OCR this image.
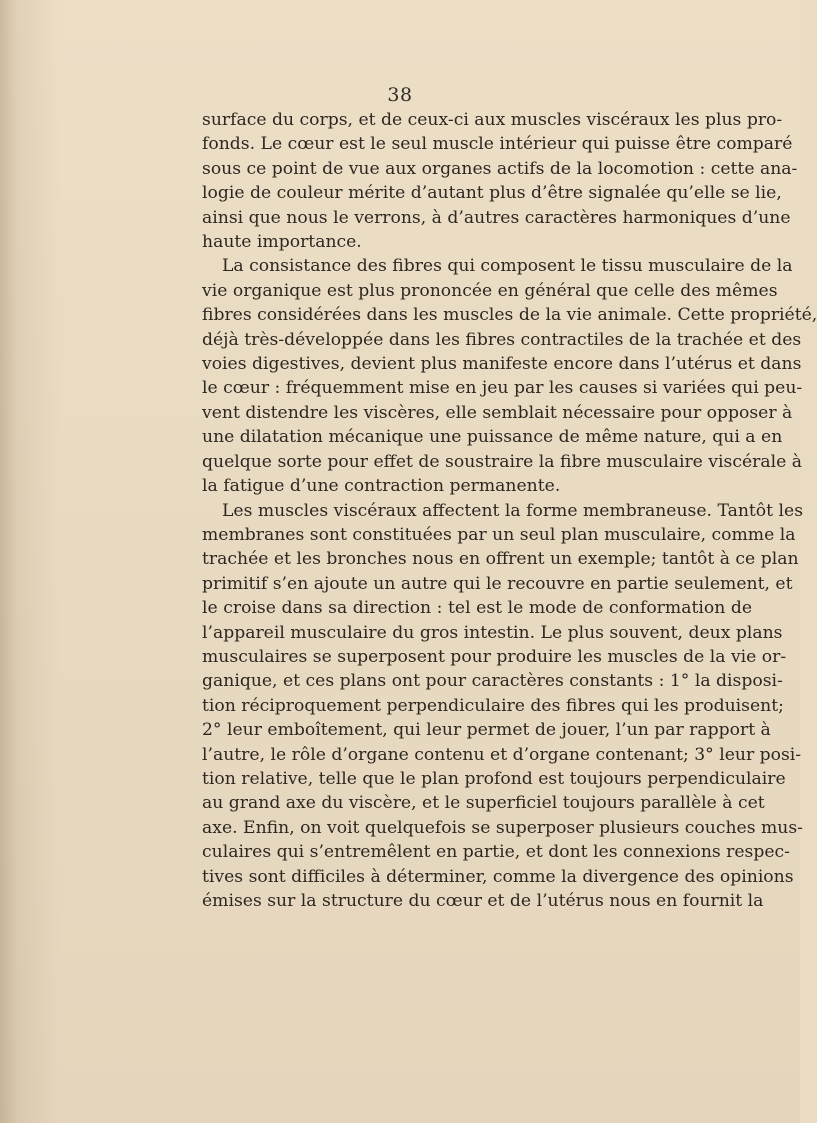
38
surface du corps, et de ceux-ci aux muscles viscéraux les plus pro-
fonds. Le cœur est le seul muscle intérieur qui puisse être comparé
sous ce point de vue aux organes actifs de la locomotion : cette ana-
logie de couleur mérite d’autant plus d’être signalée qu’elle se lie,
ainsi que nous le verrons, à d’autres caractères harmoniques d’une
haute importance.
La consistance des fibres qui composent le tissu musculaire de la
vie organique est plus prononcée en général que celle des mêmes
fibres considérées dans les muscles de la vie animale. Cette propriété,
déjà très-développée dans les fibres contractiles de la trachée et des
voies digestives, devient plus manifeste encore dans l’utérus et dans
le cœur : fréquemment mise en jeu par les causes si variées qui peu-
vent distendre les viscères, elle semblait nécessaire pour opposer à
une dilatation mécanique une puissance de même nature, qui a en
quelque sorte pour effet de soustraire la fibre musculaire viscérale à
la fatigue d’une contraction permanente.
Les muscles viscéraux affectent la forme membraneuse. Tantôt les
membranes sont constituées par un seul plan musculaire, comme la
trachée et les bronches nous en offrent un exemple; tantôt à ce plan
primitif s’en ajoute un autre qui le recouvre en partie seulement, et
le croise dans sa direction : tel est le mode de conformation de
l’appareil musculaire du gros intestin. Le plus souvent, deux plans
musculaires se superposent pour produire les muscles de la vie or-
ganique, et ces plans ont pour caractères constants : 1° la disposi-
tion réciproquement perpendiculaire des fibres qui les produisent;
2° leur emboîtement, qui leur permet de jouer, l’un par rapport à
l’autre, le rôle d’organe contenu et d’organe contenant; 3° leur posi-
tion relative, telle que le plan profond est toujours perpendiculaire
au grand axe du viscère, et le superficiel toujours parallèle à cet
axe. Enfin, on voit quelquefois se superposer plusieurs couches mus-
culaires qui s’entremêlent en partie, et dont les connexions respec-
tives sont difficiles à déterminer, comme la divergence des opinions
émises sur la structure du cœur et de l’utérus nous en fournit la
